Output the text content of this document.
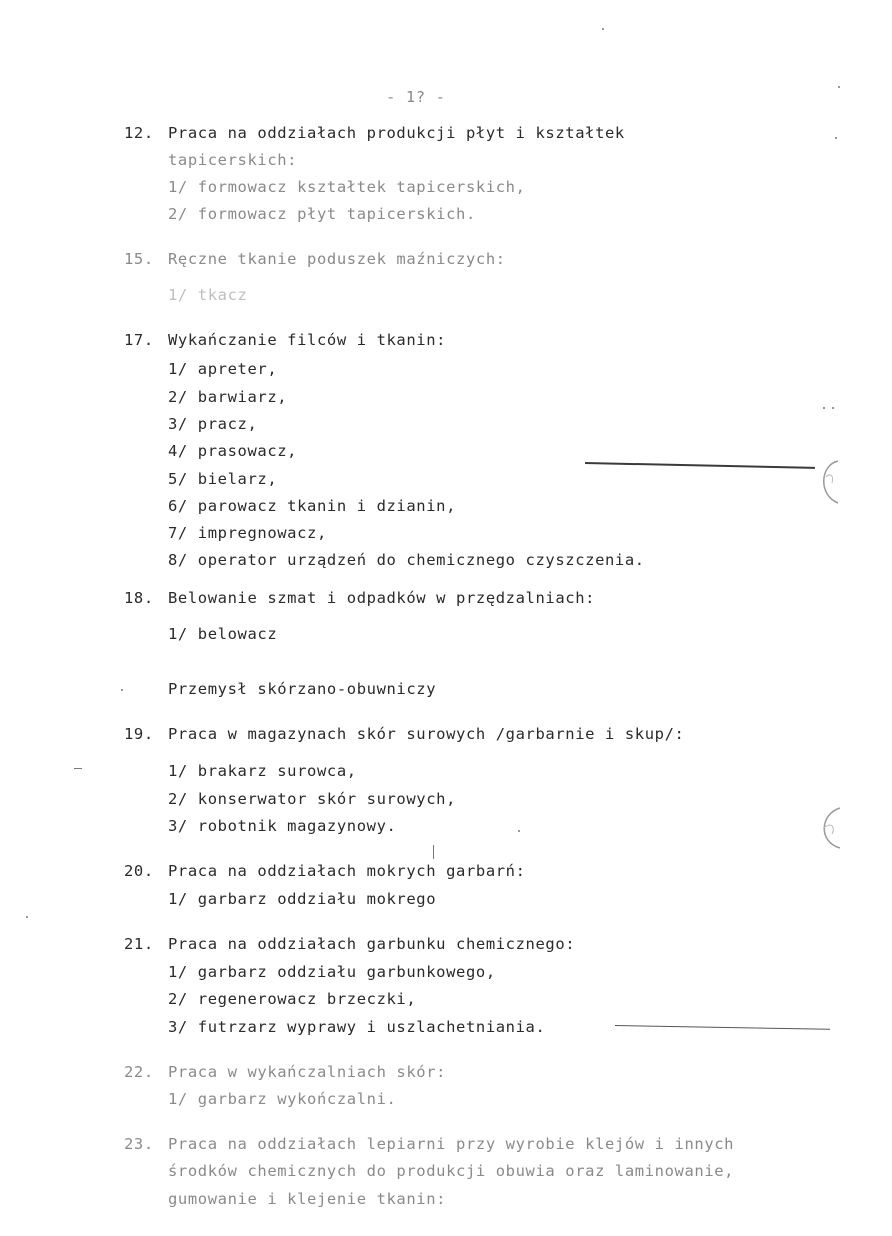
- 1? -
12. Praca na oddziałach produkcji płyt i kształtek
tapicerskich:
1/ formowacz kształtek tapicerskich,
2/ formowacz płyt tapicerskich.
15. Ręczne tkanie poduszek maźniczych:
1/ tkacz
17. Wykańczanie filców i tkanin:
1/ apreter,
2/ barwiarz,
3/ pracz,
4/ prasowacz,
5/ bielarz,
6/ parowacz tkanin i dzianin,
7/ impregnowacz,
8/ operator urządzeń do chemicznego czyszczenia.
18. Belowanie szmat i odpadków w przędzalniach:
1/ belowacz
Przemysł skórzano-obuwniczy
19. Praca w magazynach skór surowych /garbarnie i skup/:
1/ brakarz surowca,
2/ konserwator skór surowych,
3/ robotnik magazynowy.
20. Praca na oddziałach mokrych garbarń:
1/ garbarz oddziału mokrego
21. Praca na oddziałach garbunku chemicznego:
1/ garbarz oddziału garbunkowego,
2/ regenerowacz brzeczki,
3/ futrzarz wyprawy i uszlachetniania.
22. Praca w wykańczalniach skór:
1/ garbarz wykończalni.
23. Praca na oddziałach lepiarni przy wyrobie klejów i innych
środków chemicznych do produkcji obuwia oraz laminowanie,
gumowanie i klejenie tkanin:
